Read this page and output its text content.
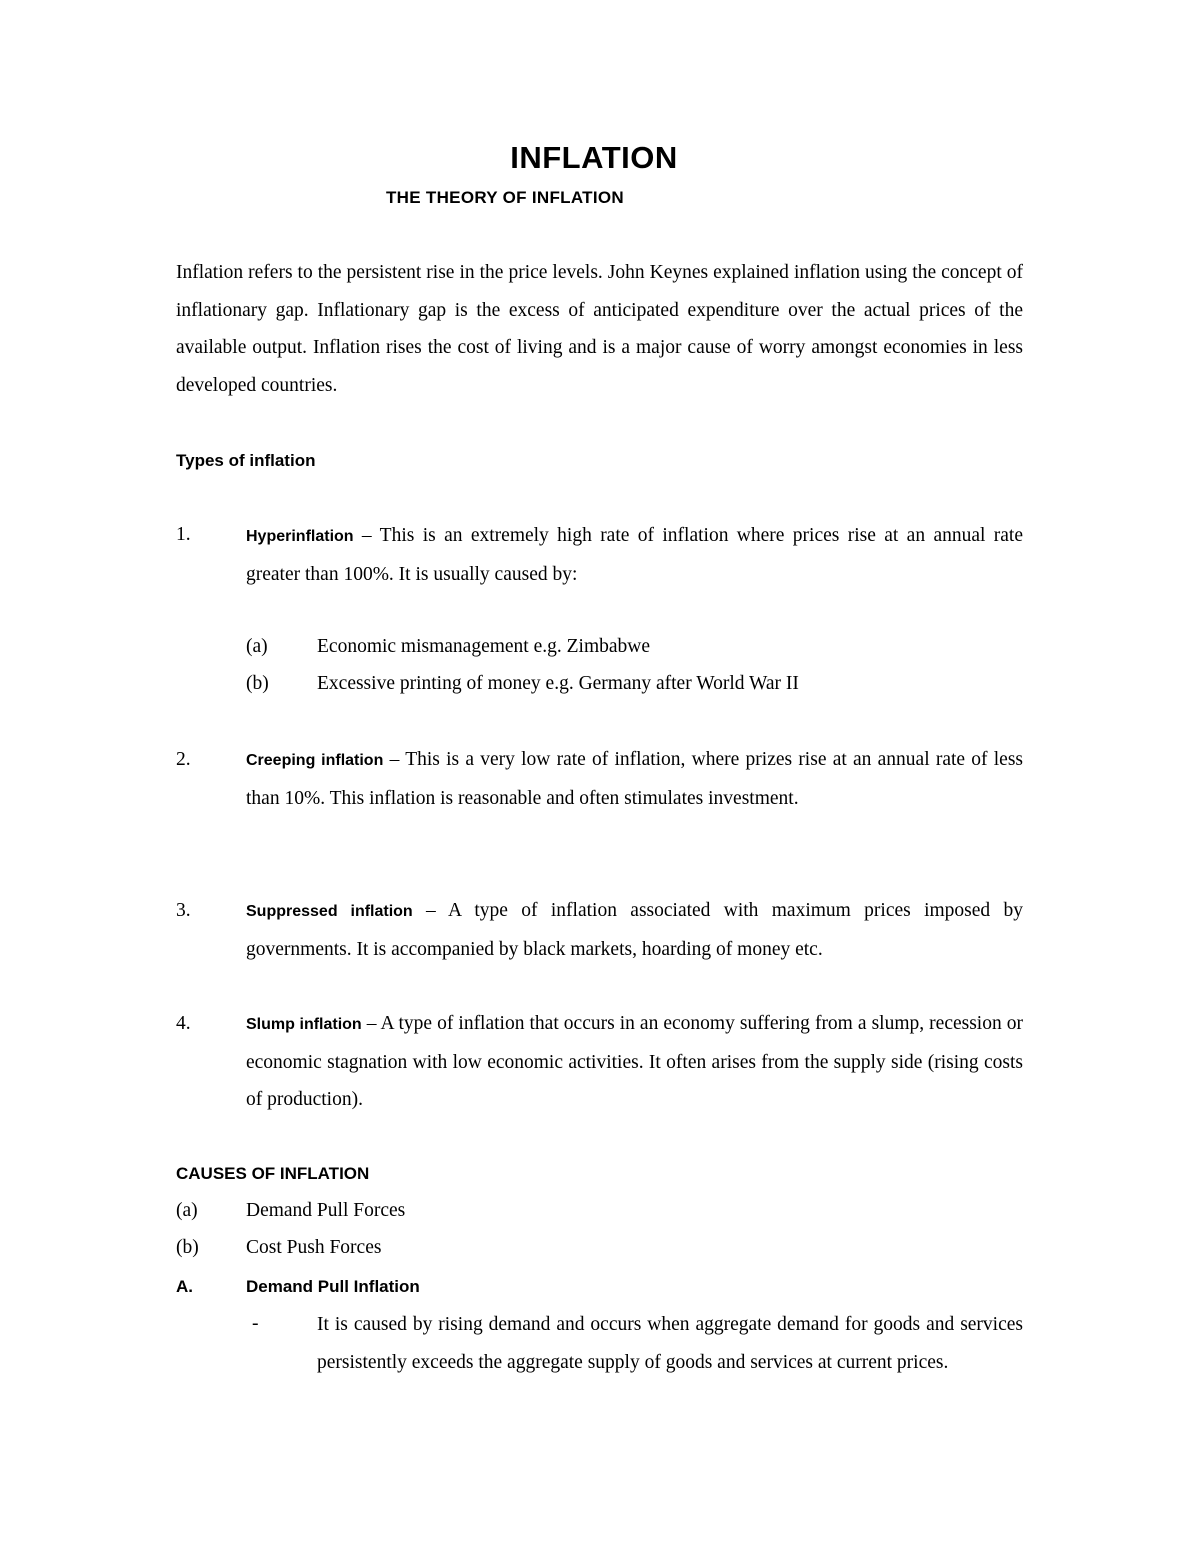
INFLATION
THE THEORY OF INFLATION
Inflation refers to the persistent rise in the price levels. John Keynes explained inflation using the concept of inflationary gap. Inflationary gap is the excess of anticipated expenditure over the actual prices of the available output. Inflation rises the cost of living and is a major cause of worry amongst economies in less developed countries.
Types of inflation
1.	Hyperinflation – This is an extremely high rate of inflation where prices rise at an annual rate greater than 100%. It is usually caused by:
(a)	Economic mismanagement e.g. Zimbabwe
(b) Excessive printing of money e.g. Germany after World War II
2.	Creeping inflation – This is a very low rate of inflation, where prizes rise at an annual rate of less than 10%. This inflation is reasonable and often stimulates investment.
3.	Suppressed inflation – A type of inflation associated with maximum prices imposed by governments. It is accompanied by black markets, hoarding of money etc.
4.	Slump inflation – A type of inflation that occurs in an economy suffering from a slump, recession or economic stagnation with low economic activities. It often arises from the supply side (rising costs of production).
CAUSES OF INFLATION
(a) Demand Pull Forces
(b) Cost Push Forces
A.	Demand Pull Inflation
-	It is caused by rising demand and occurs when aggregate demand for goods and services persistently exceeds the aggregate supply of goods and services at current prices.
